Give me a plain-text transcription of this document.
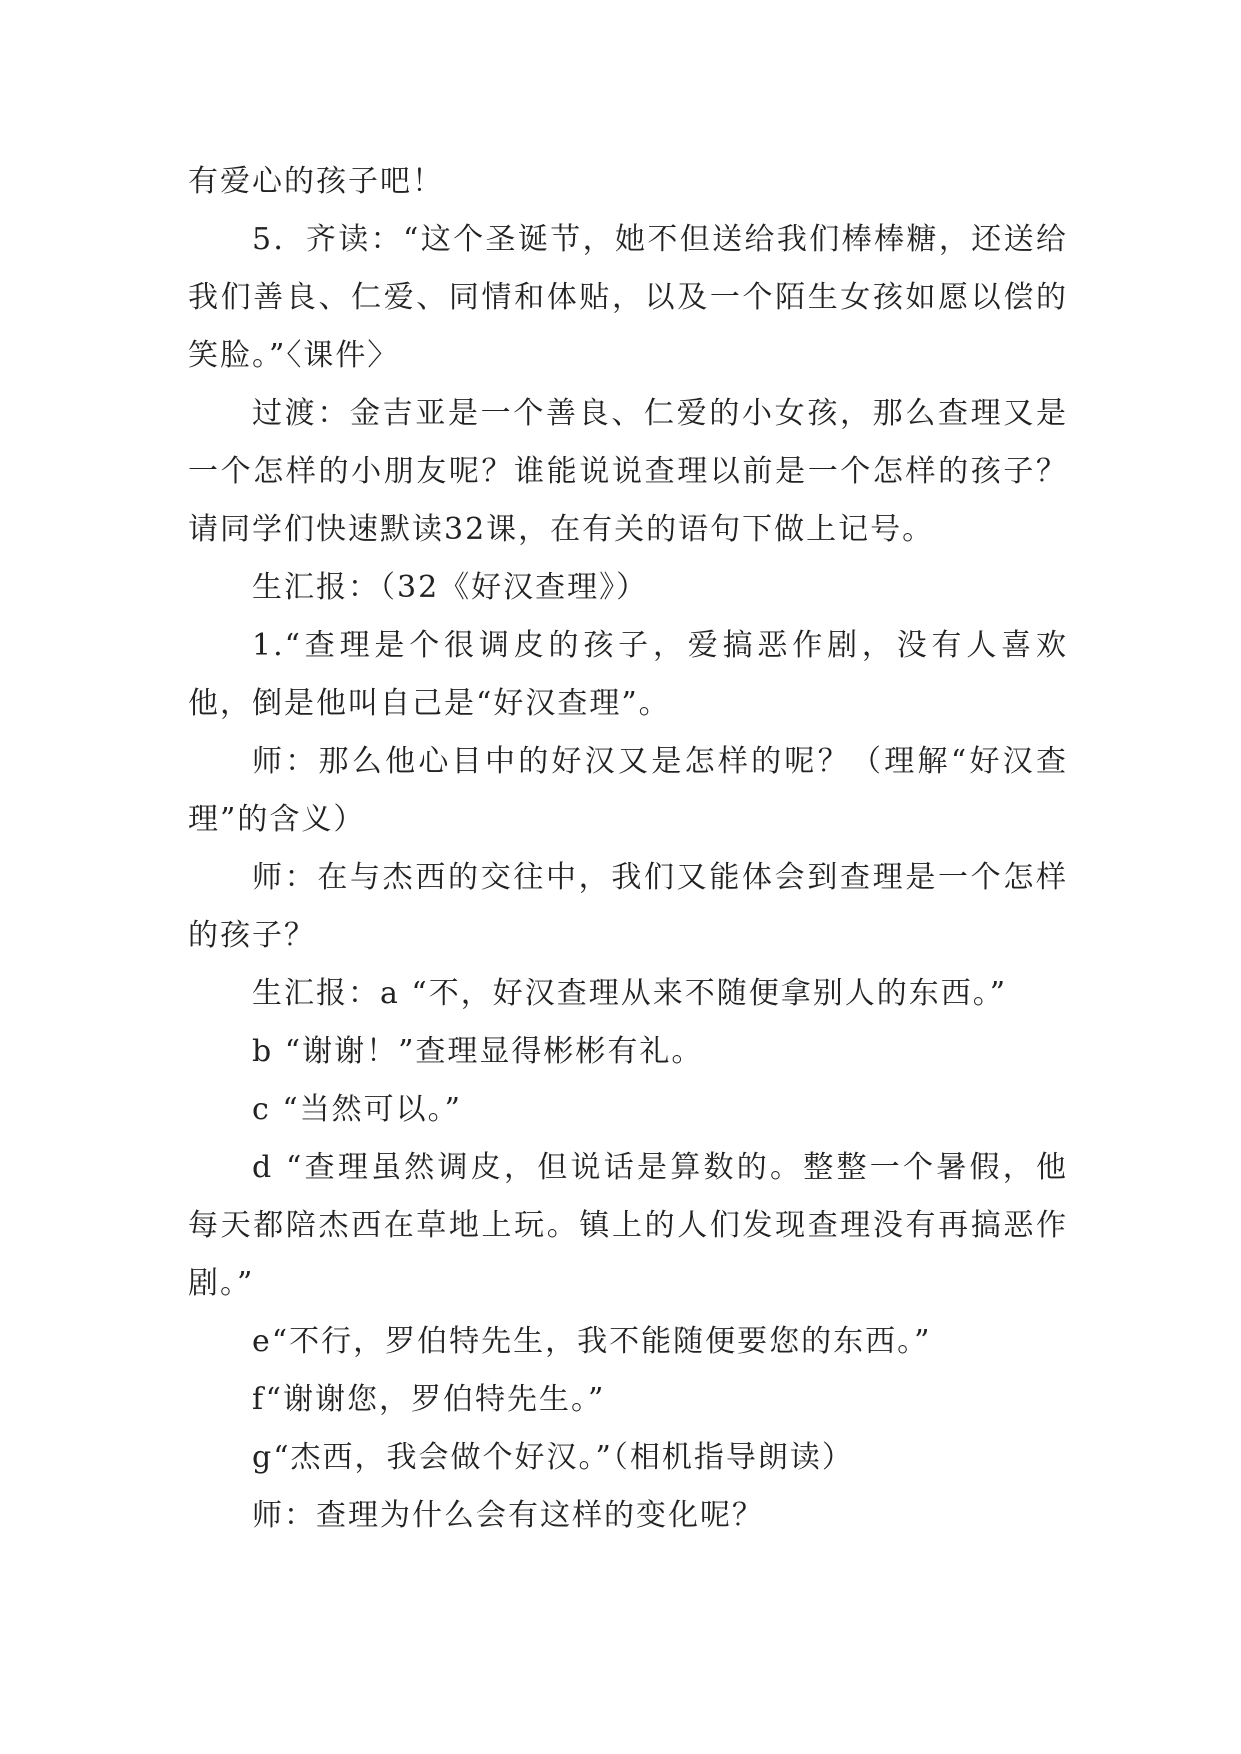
有爱心的孩子吧！

5．齐读：“这个圣诞节，她不但送给我们棒棒糖，还送给我们善良、仁爱、同情和体贴，以及一个陌生女孩如愿以偿的笑脸。”〈课件〉

过渡：金吉亚是一个善良、仁爱的小女孩，那么查理又是一个怎样的小朋友呢？谁能说说查理以前是一个怎样的孩子？请同学们快速默读32课，在有关的语句下做上记号。

生汇报：（32《好汉查理》）

1.“查理是个很调皮的孩子，爱搞恶作剧，没有人喜欢他，倒是他叫自己是“好汉查理”。

师：那么他心目中的好汉又是怎样的呢？（理解“好汉查理”的含义）

师：在与杰西的交往中，我们又能体会到查理是一个怎样的孩子？

生汇报：a “不，好汉查理从来不随便拿别人的东西。”

b “谢谢！”查理显得彬彬有礼。

c “当然可以。”

d “查理虽然调皮，但说话是算数的。整整一个暑假，他每天都陪杰西在草地上玩。镇上的人们发现查理没有再搞恶作剧。”

e“不行，罗伯特先生，我不能随便要您的东西。”

f“谢谢您，罗伯特先生。”

g“杰西，我会做个好汉。”（相机指导朗读）

师：查理为什么会有这样的变化呢？
